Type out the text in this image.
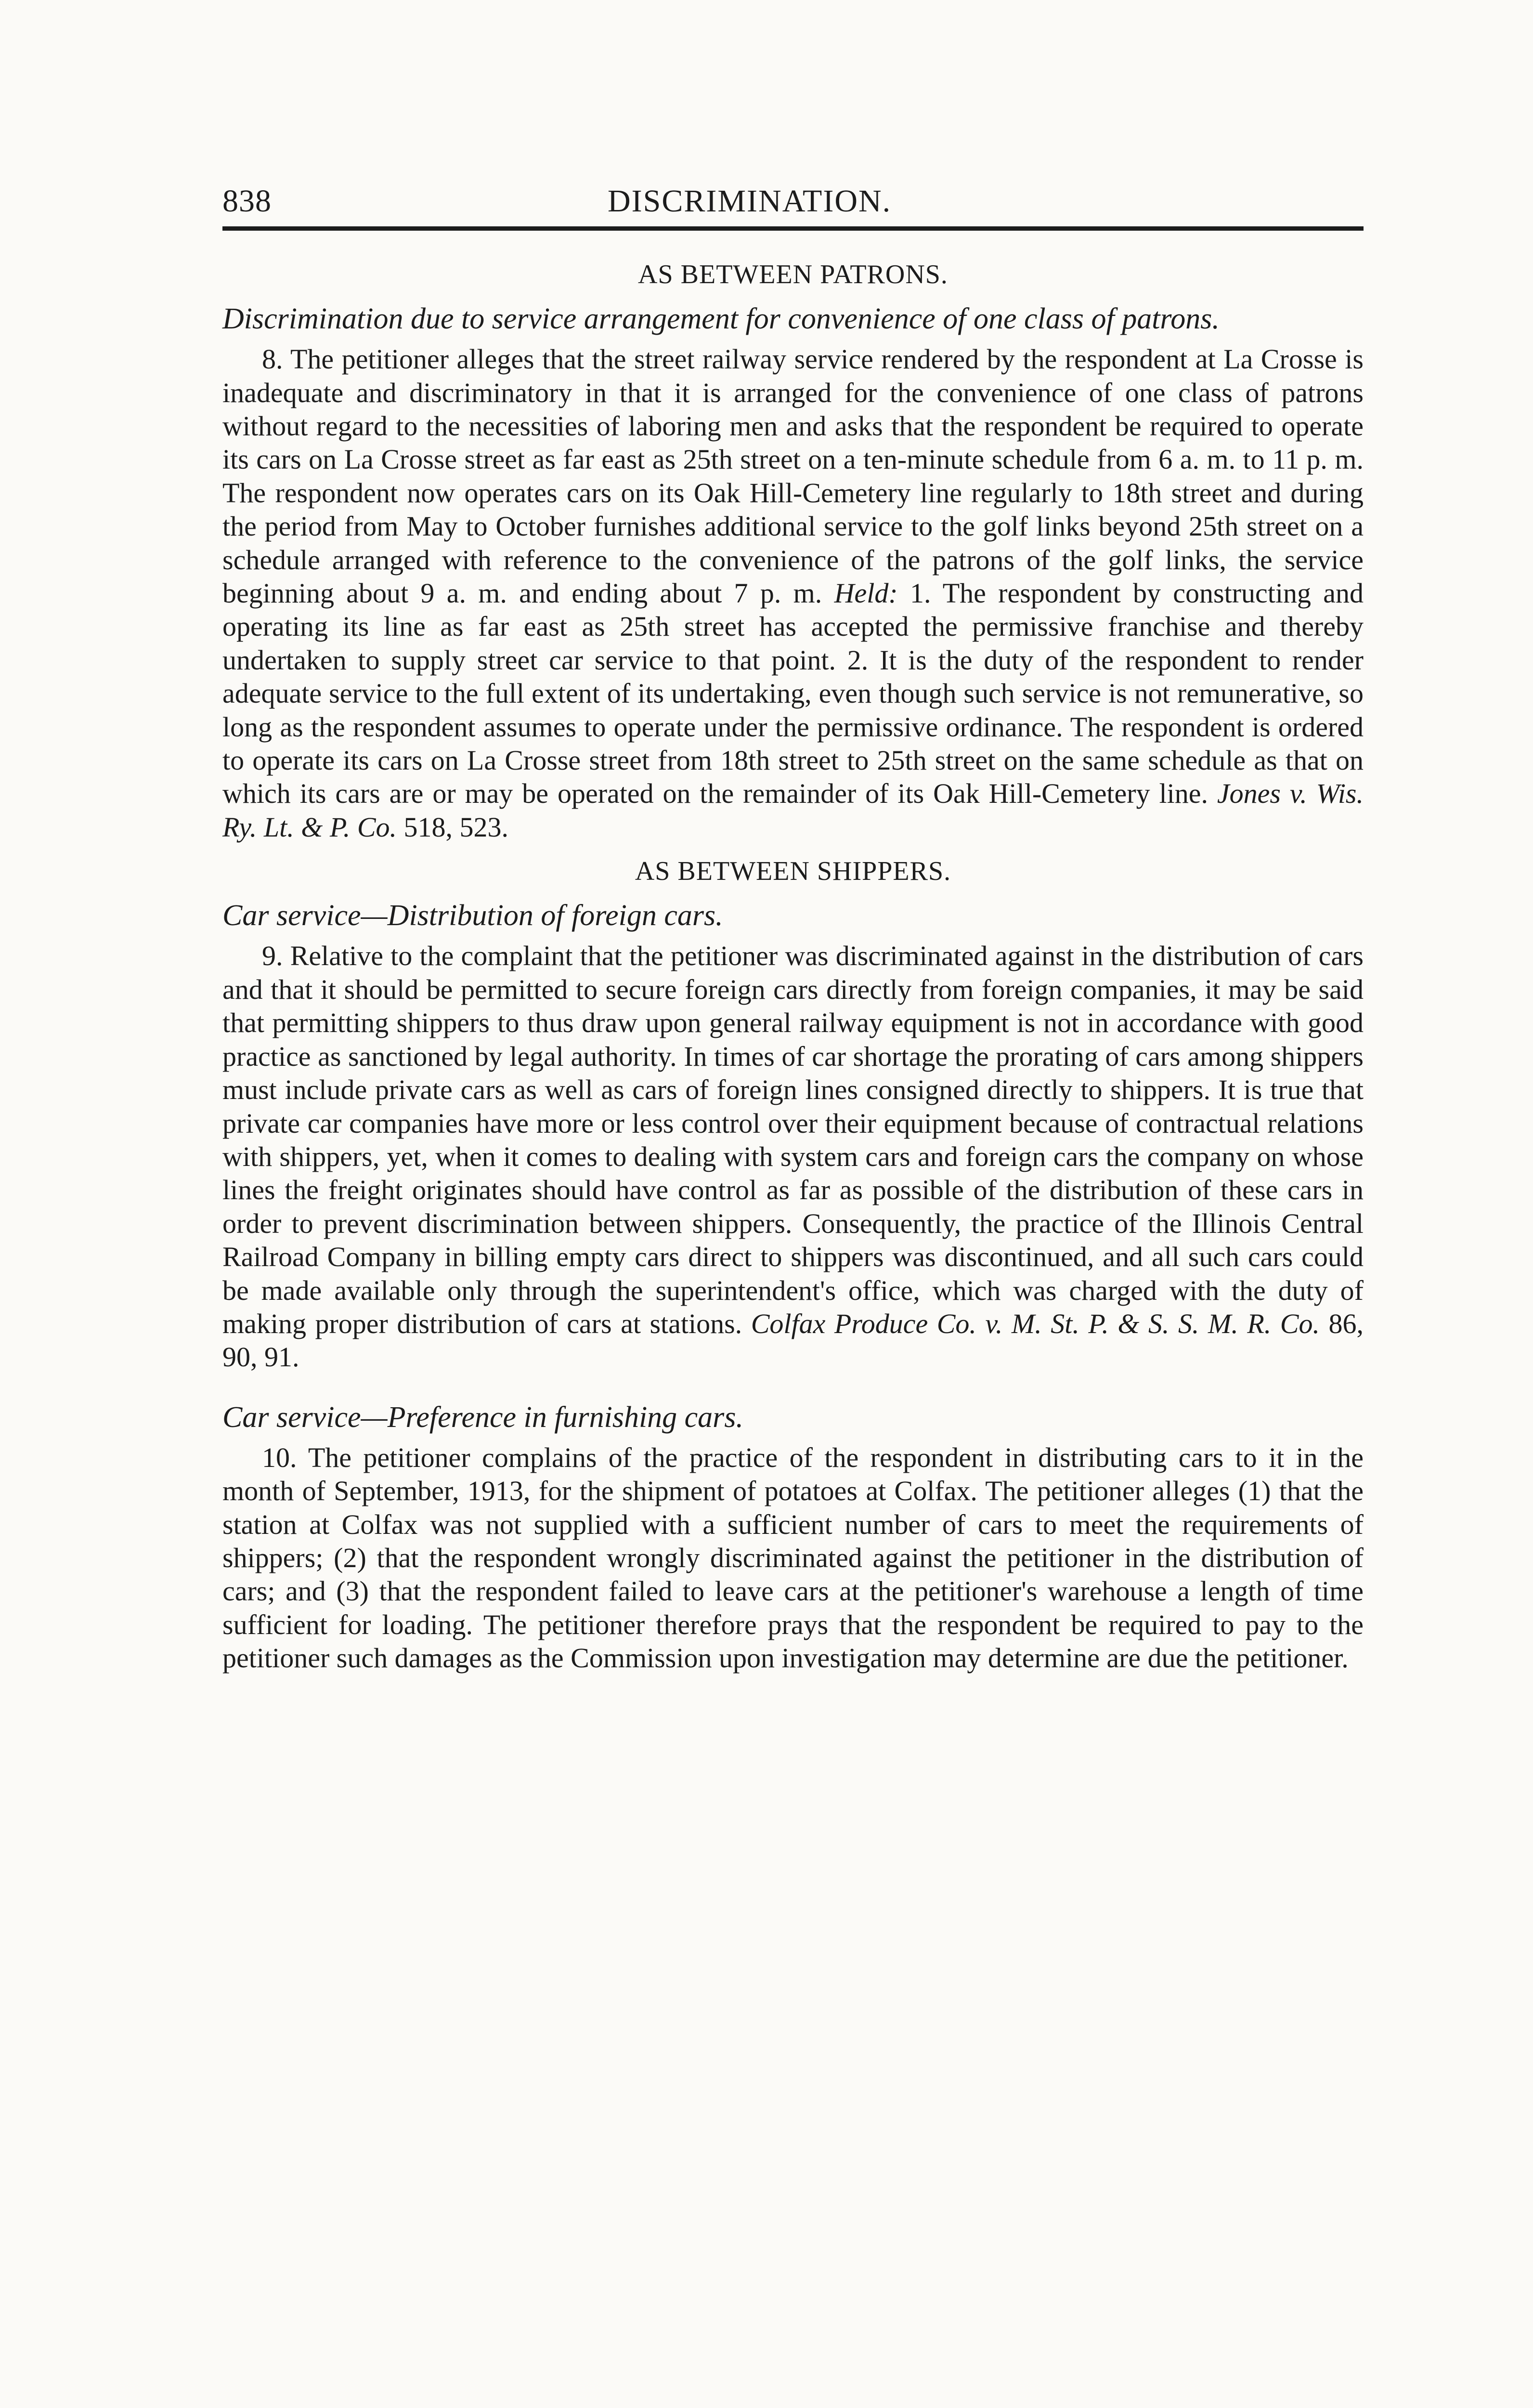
838	DISCRIMINATION.
AS BETWEEN PATRONS.
Discrimination due to service arrangement for convenience of one class of patrons.

8. The petitioner alleges that the street railway service rendered by the respondent at La Crosse is inadequate and discriminatory in that it is arranged for the convenience of one class of patrons without regard to the necessities of laboring men and asks that the respondent be required to operate its cars on La Crosse street as far east as 25th street on a ten-minute schedule from 6 a. m. to 11 p. m. The respondent now operates cars on its Oak Hill-Cemetery line regularly to 18th street and during the period from May to October furnishes additional service to the golf links beyond 25th street on a schedule arranged with reference to the convenience of the patrons of the golf links, the service beginning about 9 a. m. and ending about 7 p. m. Held: 1. The respondent by constructing and operating its line as far east as 25th street has accepted the permissive franchise and thereby undertaken to supply street car service to that point. 2. It is the duty of the respondent to render adequate service to the full extent of its undertaking, even though such service is not remunerative, so long as the respondent assumes to operate under the permissive ordinance. The respondent is ordered to operate its cars on La Crosse street from 18th street to 25th street on the same schedule as that on which its cars are or may be operated on the remainder of its Oak Hill-Cemetery line. Jones v. Wis. Ry. Lt. & P. Co. 518, 523.

AS BETWEEN SHIPPERS.
Car service—Distribution of foreign cars.

9. Relative to the complaint that the petitioner was discriminated against in the distribution of cars and that it should be permitted to secure foreign cars directly from foreign companies, it may be said that permitting shippers to thus draw upon general railway equipment is not in accordance with good practice as sanctioned by legal authority. In times of car shortage the prorating of cars among shippers must include private cars as well as cars of foreign lines consigned directly to shippers. It is true that private car companies have more or less control over their equipment because of contractual relations with shippers, yet, when it comes to dealing with system cars and foreign cars the company on whose lines the freight originates should have control as far as possible of the distribution of these cars in order to prevent discrimination between shippers. Consequently, the practice of the Illinois Central Railroad Company in billing empty cars direct to shippers was discontinued, and all such cars could be made available only through the superintendent's office, which was charged with the duty of making proper distribution of cars at stations. Colfax Produce Co. v. M. St. P. & S. S. M. R. Co. 86, 90, 91.

Car service—Preference in furnishing cars.

10. The petitioner complains of the practice of the respondent in distributing cars to it in the month of September, 1913, for the shipment of potatoes at Colfax. The petitioner alleges (1) that the station at Colfax was not supplied with a sufficient number of cars to meet the requirements of shippers; (2) that the respondent wrongly discriminated against the petitioner in the distribution of cars; and (3) that the respondent failed to leave cars at the petitioner's warehouse a length of time sufficient for loading. The petitioner therefore prays that the respondent be required to pay to the petitioner such damages as the Commission upon investigation may determine are due the petitioner.
